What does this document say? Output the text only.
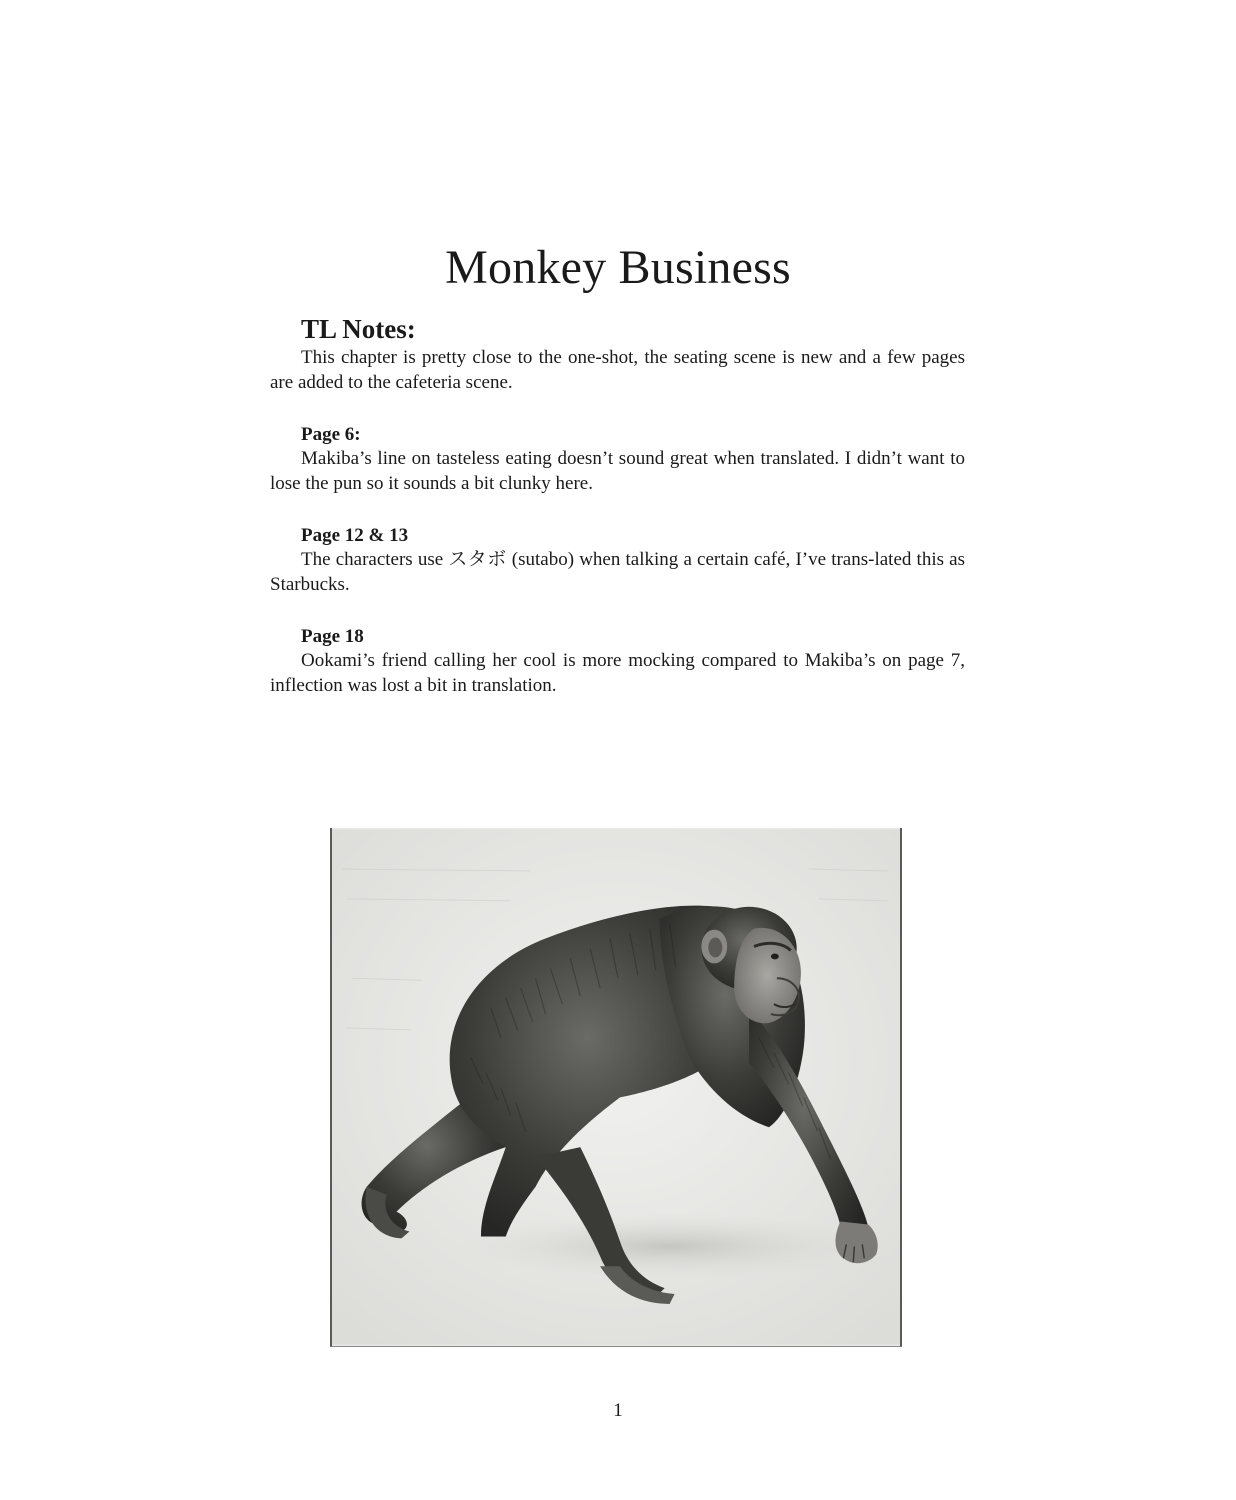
Monkey Business
TL Notes:

This chapter is pretty close to the one-shot, the seating scene is new and a few pages are added to the cafeteria scene.

Page 6:

Makiba’s line on tasteless eating doesn’t sound great when translated. I didn’t want to lose the pun so it sounds a bit clunky here.

Page 12 & 13

The characters use スタボ (sutabo) when talking a certain café, I’ve trans-lated this as Starbucks.

Page 18

Ookami’s friend calling her cool is more mocking compared to Makiba’s on page 7, inflection was lost a bit in translation.

1
